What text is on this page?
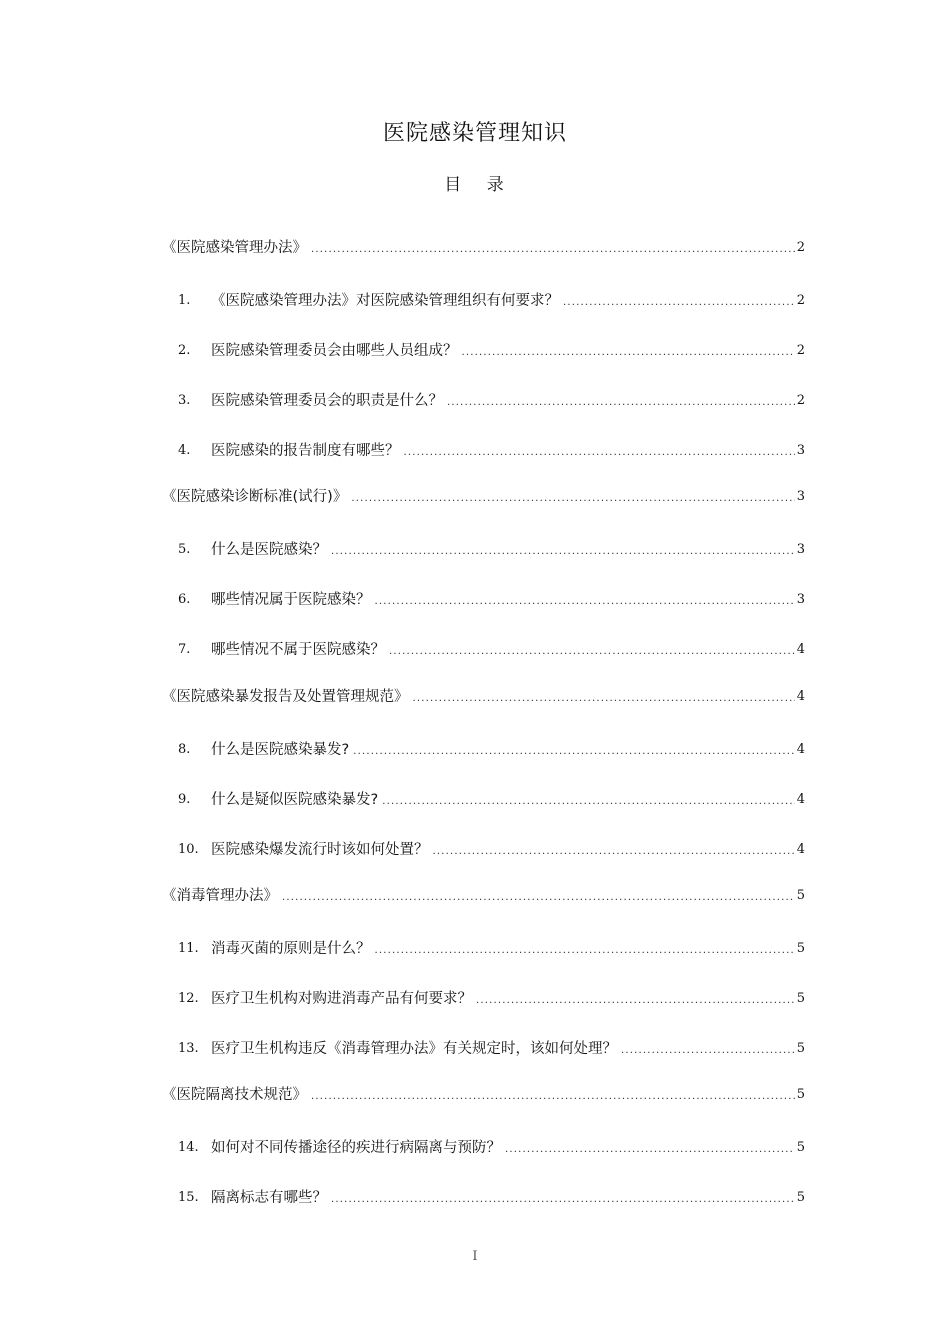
医院感染管理知识
目 录
《医院感染管理办法》 .....	2
1.	《医院感染管理办法》对医院感染管理组织有何要求？ .....	2
2.	医院感染管理委员会由哪些人员组成？ .....	2
3.	医院感染管理委员会的职责是什么？ .....	2
4.	医院感染的报告制度有哪些？ .....	3
《医院感染诊断标准(试行)》 .....	3
5.	什么是医院感染？ .....	3
6.	哪些情况属于医院感染？ .....	3
7.	哪些情况不属于医院感染？ .....	4
《医院感染暴发报告及处置管理规范》 .....	4
8.	什么是医院感染暴发? .....	4
9.	什么是疑似医院感染暴发? .....	4
10. 医院感染爆发流行时该如何处置？ .....	4
《消毒管理办法》 .....	5
11. 消毒灭菌的原则是什么？ .....	5
12. 医疗卫生机构对购进消毒产品有何要求？ .....	5
13. 医疗卫生机构违反《消毒管理办法》有关规定时，该如何处理？ .....	5
《医院隔离技术规范》 .....	5
14. 如何对不同传播途径的疾进行病隔离与预防？ .....	5
15. 隔离标志有哪些？ .....	5
I
